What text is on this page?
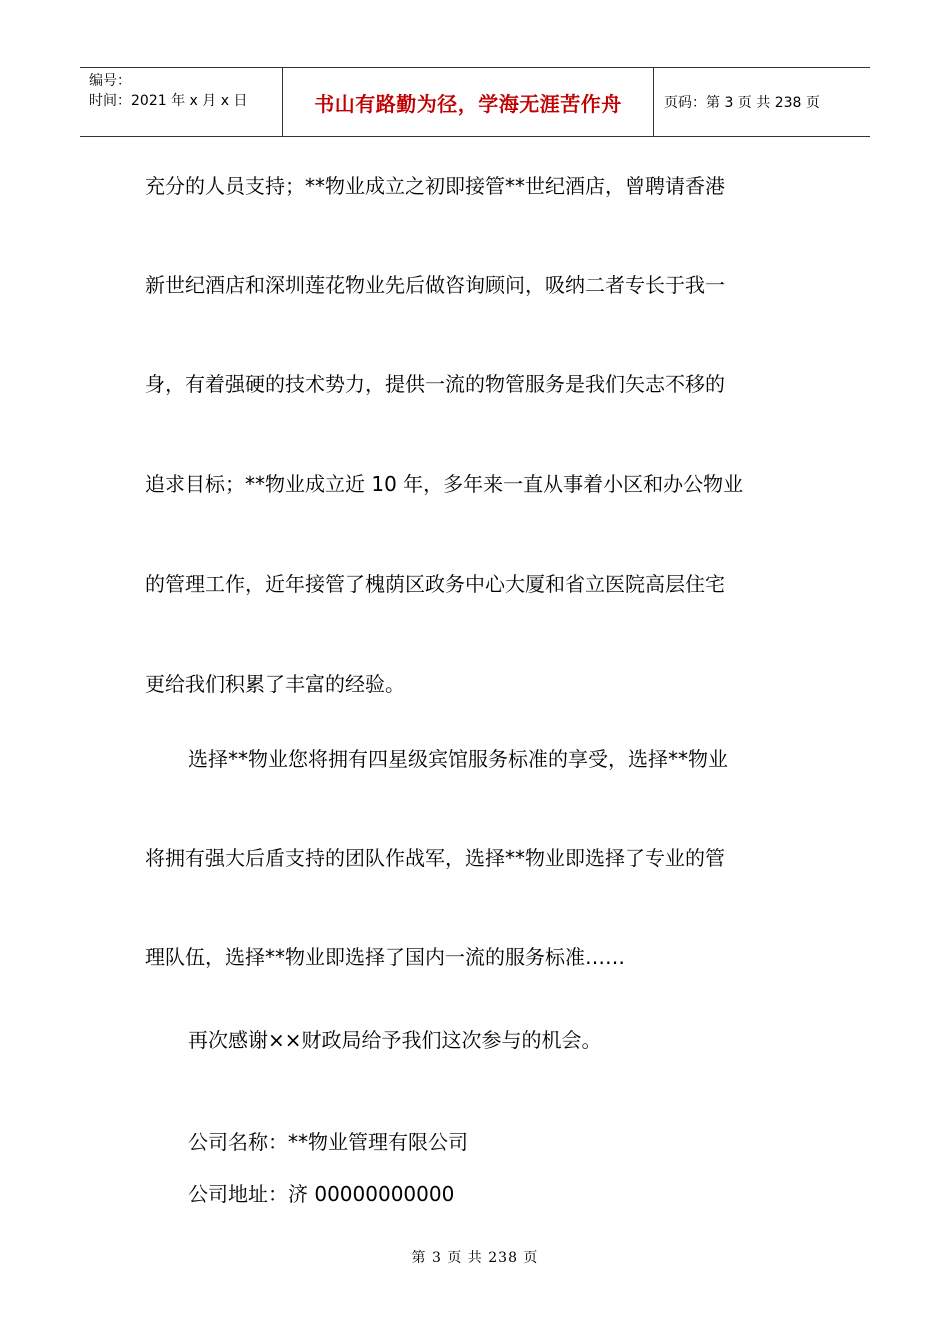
编号：
时间：2021 年 x 月 x 日	书山有路勤为径，学海无涯苦作舟	页码：第 3 页 共 238 页
充分的人员支持；**物业成立之初即接管**世纪酒店，曾聘请香港
新世纪酒店和深圳莲花物业先后做咨询顾问，吸纳二者专长于我一
身，有着强硬的技术势力，提供一流的物管服务是我们矢志不移的
追求目标；**物业成立近 10 年，多年来一直从事着小区和办公物业
的管理工作，近年接管了槐荫区政务中心大厦和省立医院高层住宅
更给我们积累了丰富的经验。
选择**物业您将拥有四星级宾馆服务标准的享受，选择**物业
将拥有强大后盾支持的团队作战军，选择**物业即选择了专业的管
理队伍，选择**物业即选择了国内一流的服务标准……
再次感谢××财政局给予我们这次参与的机会。
公司名称：**物业管理有限公司
公司地址：济 00000000000
第 3 页 共 238 页
